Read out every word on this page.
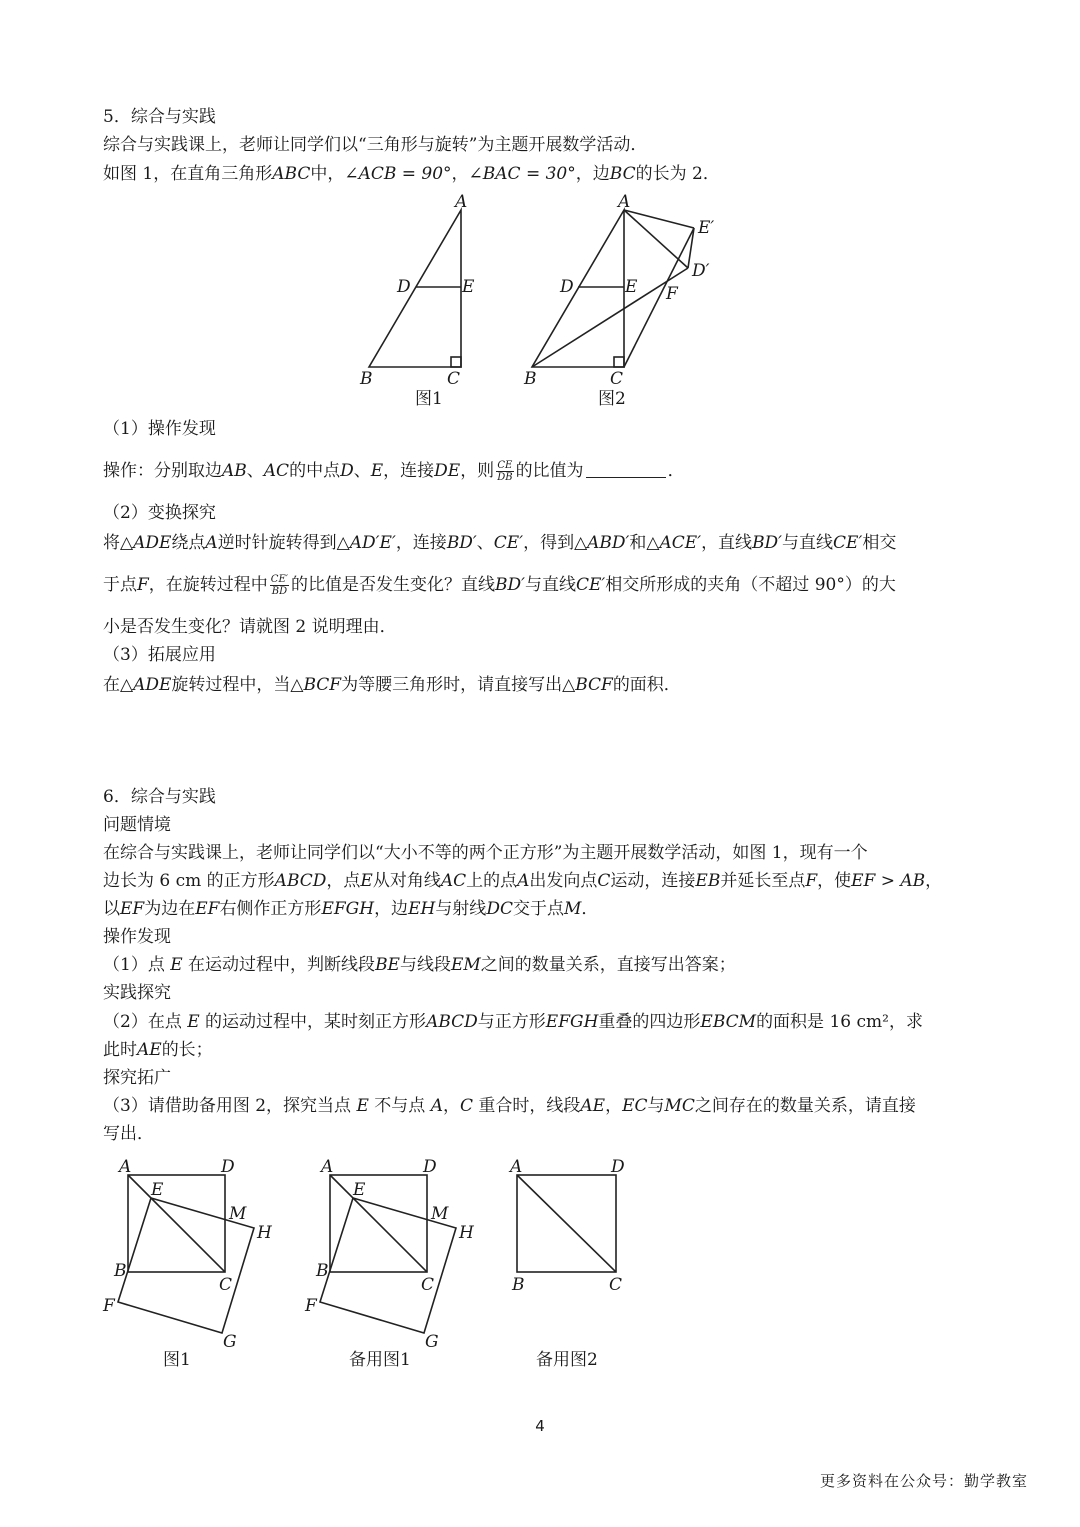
5．综合与实践
综合与实践课上，老师让同学们以“三角形与旋转”为主题开展数学活动．
如图 1，在直角三角形ABC中，∠ACB = 90°，∠BAC = 30°，边BC的长为 2．
A
D	E
B	C
A
E′
D′
D	E F
B	C
图1	图2
（1）操作发现
操作：分别取边AB、AC的中点D、E，连接DE，则 $\frac{CE}{DB}$ 的比值为	．
（2）变换探究
将△ADE绕点A逆时针旋转得到△AD′E′，连接BD′、CE′，得到△ABD′和△ACE′，直线BD′与直线CE′相交
于点F，在旋转过程中 $\frac{CE'}{BD}$ 的比值是否发生变化？直线BD′与直线CE′相交所形成的夹角（不超过 90°）的大
小是否发生变化？请就图 2 说明理由．
（3）拓展应用
在△ADE旋转过程中，当△BCF为等腰三角形时，请直接写出△BCF的面积．
6．综合与实践
问题情境
在综合与实践课上，老师让同学们以“大小不等的两个正方形”为主题开展数学活动，如图 1，现有一个
边长为 6 cm 的正方形ABCD，点E从对角线AC上的点A出发向点C运动，连接EB并延长至点F，使EF > AB，
以EF为边在EF右侧作正方形EFGH，边EH与射线DC交于点M．
操作发现
（1）点 E 在运动过程中，判断线段BE与线段EM之间的数量关系，直接写出答案；
实践探究
（2）在点 E 的运动过程中，某时刻正方形ABCD与正方形EFGH重叠的四边形EBCM的面积是 16 cm²，求
此时AE的长；
探究拓广
（3）请借助备用图 2，探究当点 E 不与点 A，C 重合时，线段AE，EC与MC之间存在的数量关系，请直接
写出．
A	D
E
M
H
B
C
F
G
A	D
E
M
H
B
C
F
G
A	D
B	C
图1	备用图1	备用图2
4
更多资料在公众号：勤学教室
